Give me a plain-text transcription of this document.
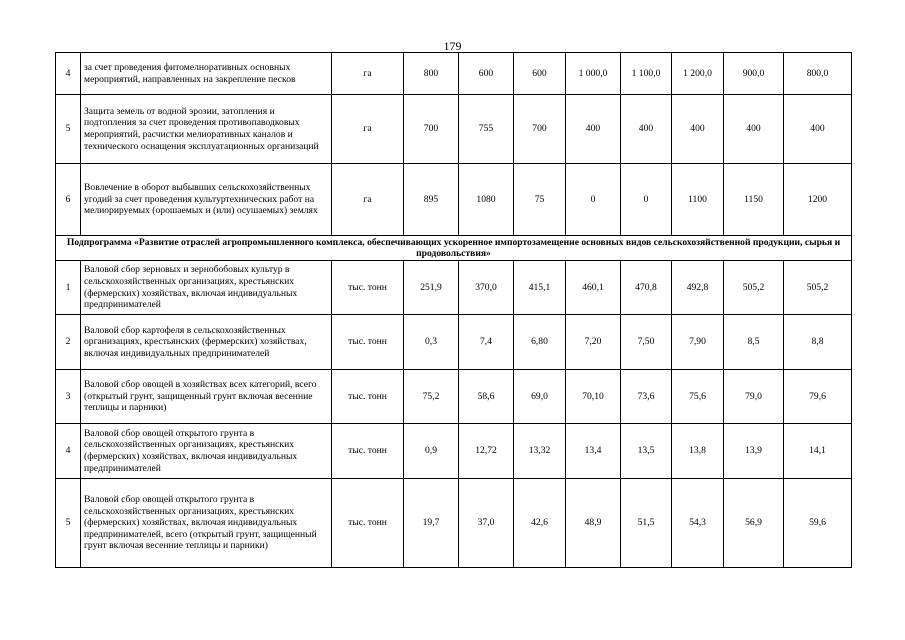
179
4	за счет проведения фитомелноративных основных мероприятий, направленных на закрепление песков	га	800	600	600	1 000,0	1 100,0	1 200,0	900,0	800,0
5	Защита земель от водной эрозии, затопления и подтопления за счет проведения противопаводковых мероприятий, расчистки мелиоративных каналов и технического оснащения эксплуатационных организаций	га	700	755	700	400	400	400	400	400
6	Вовлечение в оборот выбывших сельскохозяйственных угодий за счет проведения культуртехнических работ на мелиорируемых (орошаемых и (или) осушаемых) землях	га	895	1080	75	0	0	1100	1150	1200
Подпрограмма «Развитие отраслей агропромышленного комплекса, обеспечивающих ускоренное импортозамещение основных видов сельскохозяйственной продукции, сырья и продовольствия»										
1	Валовой сбор зерновых и зернобобовых культур в сельскохозяйственных организациях, крестьянских (фермерских) хозяйствах, включая индивидуальных предпринимателей	тыс. тонн	251,9	370,0	415,1	460,1	470,8	492,8	505,2	505,2
2	Валовой сбор картофеля в сельскохозяйственных организациях, крестьянских (фермерских) хозяйствах, включая индивидуальных предпринимателей	тыс. тонн	0,3	7,4	6,80	7,20	7,50	7,90	8,5	8,8
3	Валовой сбор овощей в хозяйствах всех категорий, всего (открытый грунт, защищенный грунт включая весенние теплицы и парники)	тыс. тонн	75,2	58,6	69,0	70,10	73,6	75,6	79,0	79,6
4	Валовой сбор овощей открытого грунта в сельскохозяйственных организациях, крестьянских (фермерских) хозяйствах, включая индивидуальных предпринимателей	тыс. тонн	0,9	12,72	13,32	13,4	13,5	13,8	13,9	14,1
5	Валовой сбор овощей открытого грунта в сельскохозяйственных организациях, крестьянских (фермерских) хозяйствах, включая индивидуальных предпринимателей, всего (открытый грунт, защищенный грунт включая весенние теплицы и парники)	тыс. тонн	19,7	37,0	42,6	48,9	51,5	54,3	56,9	59,6
